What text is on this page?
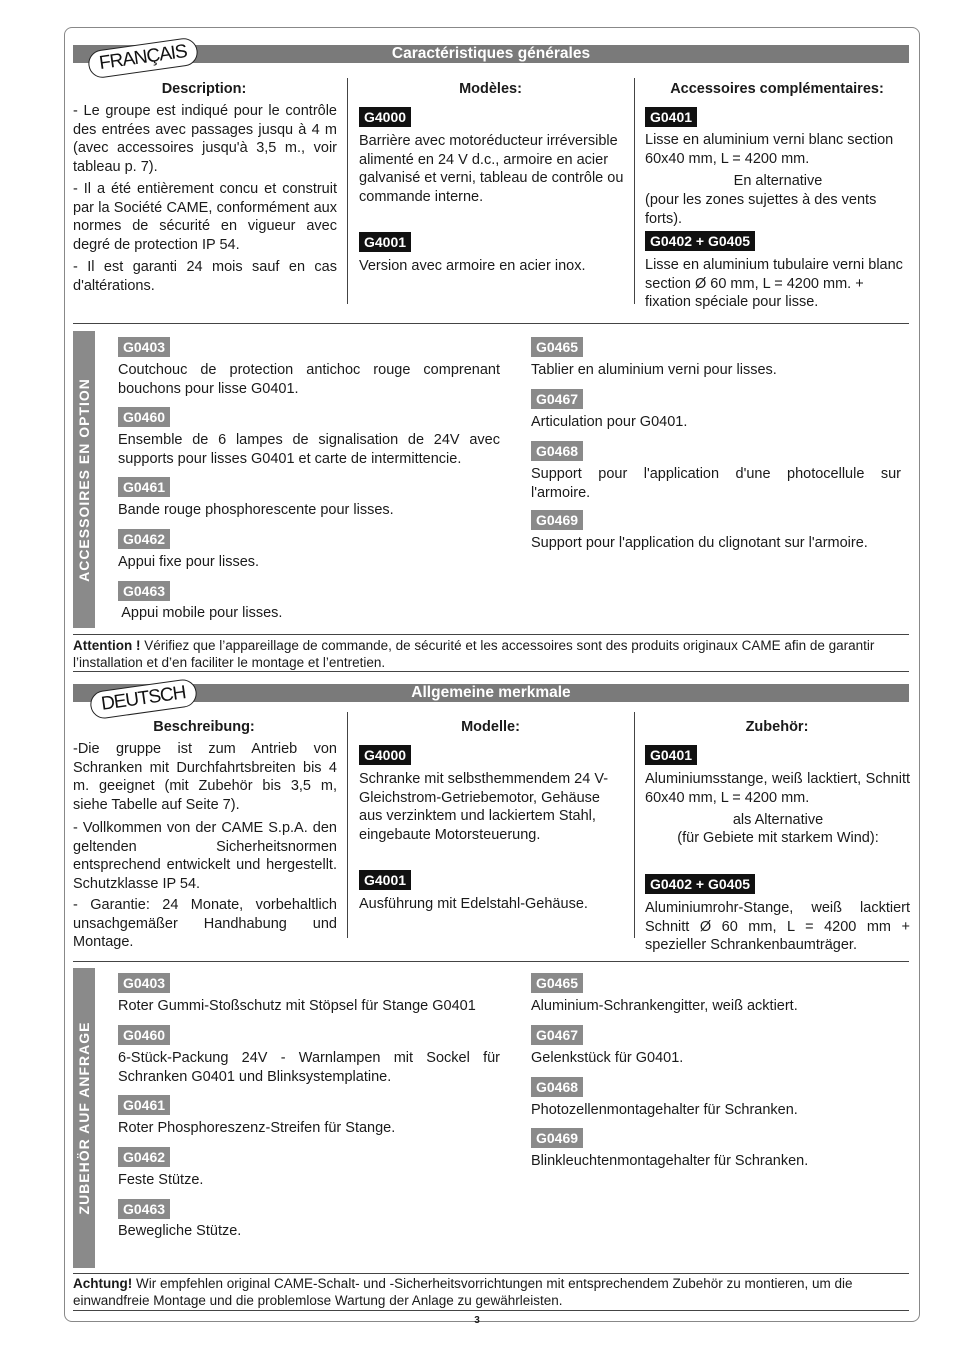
Caractéristiques générales
FRANÇAIS
Description:
- Le groupe est indiqué pour le contrôle des entrées avec passages jusqu à 4 m (avec accessoires jusqu'à 3,5 m., voir tableau p. 7).
- Il a été entièrement concu et construit par la Société CAME, conformément aux normes de sécurité en vigueur avec degré de protection IP 54.
- Il est garanti 24 mois sauf en cas d'altérations.
Modèles:
G4000
Barrière avec motoréducteur irréversible alimenté en 24 V d.c., armoire en acier galvanisé et verni, tableau de contrôle ou commande interne.
G4001
Version avec armoire en acier inox.
Accessoires complémentaires:
G0401
Lisse en aluminium verni blanc section 60x40 mm, L = 4200 mm.
En alternative
(pour les zones sujettes à des vents forts).
G0402 + G0405
Lisse en aluminium tubulaire verni blanc section Ø 60 mm, L = 4200 mm. + fixation spéciale pour lisse.
ACCESSOIRES EN OPTION
G0403
Coutchouc de protection antichoc rouge comprenant bouchons pour lisse G0401.
G0460
Ensemble de 6 lampes de signalisation de 24V avec supports pour lisses G0401 et carte de intermittencie.
G0461
Bande rouge phosphorescente pour lisses.
G0462
Appui fixe pour lisses.
G0463
Appui mobile pour lisses.
G0465
Tablier en aluminium verni pour lisses.
G0467
Articulation pour G0401.
G0468
Support pour l'application d'une photocellule sur l'armoire.
G0469
Support pour l'application du clignotant sur l'armoire.
Attention ! Vérifiez que l’appareillage de commande, de sécurité et les accessoires sont des produits originaux CAME afin de garantir l’installation et d’en faciliter le montage et l’entretien.
Allgemeine merkmale
DEUTSCH
Beschreibung:
-Die gruppe ist zum Antrieb von Schranken mit Durchfahrtsbreiten bis 4 m. geeignet (mit Zubehör bis 3,5 m, siehe Tabelle auf Seite 7).
- Vollkommen von der CAME S.p.A. den geltenden Sicherheitsnormen entsprechend entwickelt und hergestellt. Schutzklasse IP 54.
- Garantie: 24 Monate, vorbehaltlich unsachgemäßer Handhabung und Montage.
Modelle:
G4000
Schranke mit selbsthemmendem 24 V-Gleichstrom-Getriebemotor, Gehäuse aus verzinktem und lackiertem Stahl, eingebaute Motorsteuerung.
G4001
Ausführung mit Edelstahl-Gehäuse.
Zubehör:
G0401
Aluminiumsstange, weiß lacktiert, Schnitt 60x40 mm, L = 4200 mm.
als Alternative
(für Gebiete mit starkem Wind):
G0402 + G0405
Aluminiumrohr-Stange, weiß lacktiert Schnitt Ø 60 mm, L = 4200 mm + spezieller Schrankenbaumträger.
ZUBEHÖR AUF ANFRAGE
G0403
Roter Gummi-Stoßschutz mit Stöpsel für Stange G0401
G0460
6-Stück-Packung 24V - Warnlampen mit Sockel für Schranken G0401 und Blinksystemplatine.
G0461
Roter Phosphoreszenz-Streifen für Stange.
G0462
Feste Stütze.
G0463
Bewegliche Stütze.
G0465
Aluminium-Schrankengitter, weiß acktiert.
G0467
Gelenkstück für G0401.
G0468
Photozellenmontagehalter für Schranken.
G0469
Blinkleuchtenmontagehalter für Schranken.
Achtung! Wir empfehlen original CAME-Schalt- und -Sicherheitsvorrichtungen mit entsprechendem Zubehör zu montieren, um die einwandfreie Montage und die problemlose Wartung der Anlage zu gewährleisten.
3
